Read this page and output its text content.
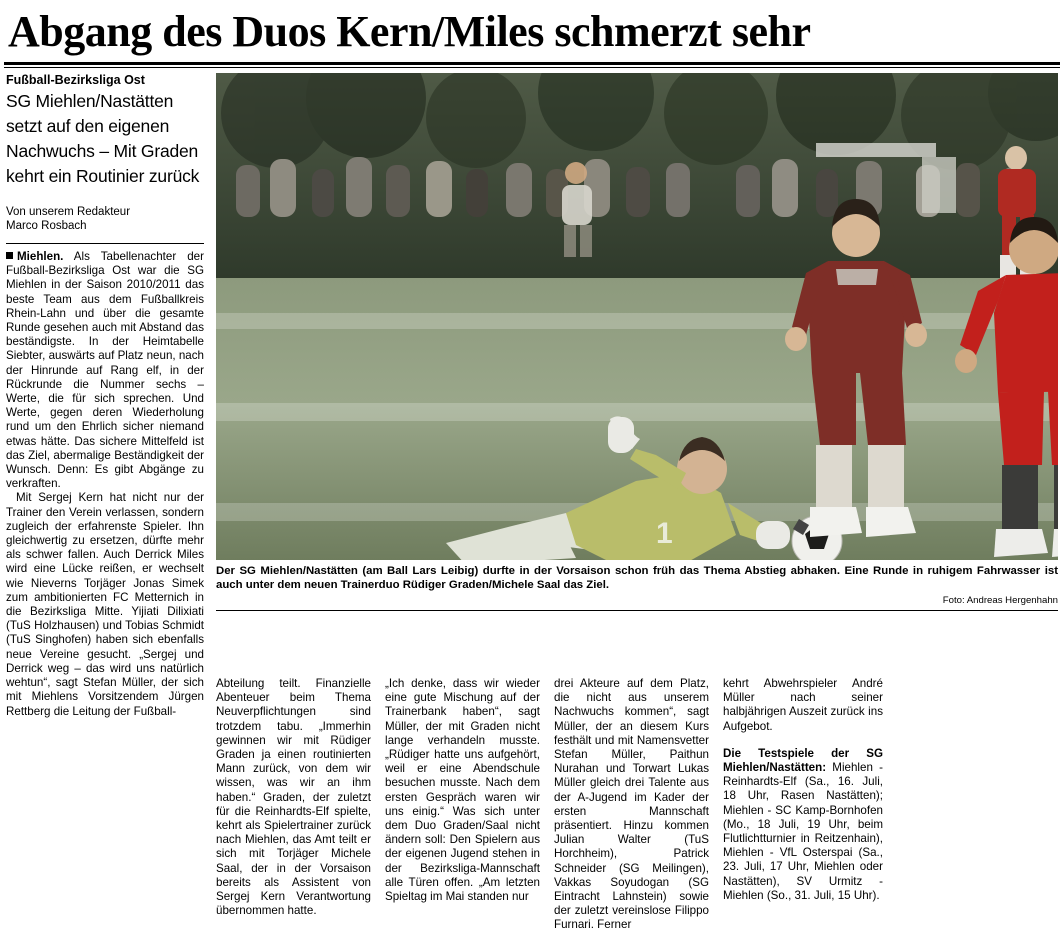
Abgang des Duos Kern/Miles schmerzt sehr
Fußball-Bezirksliga Ost
SG Miehlen/Nastätten setzt auf den eigenen Nachwuchs – Mit Graden kehrt ein Routinier zurück
Von unserem Redakteur
Marco Rosbach

Miehlen. Als Tabellenachter der Fußball-Bezirksliga Ost war die SG Miehlen in der Saison 2010/2011 das beste Team aus dem Fußballkreis Rhein-Lahn und über die gesamte Runde gesehen auch mit Abstand das beständigste. In der Heimtabelle Siebter, auswärts auf Platz neun, nach der Hinrunde auf Rang elf, in der Rückrunde die Nummer sechs – Werte, die für sich sprechen. Und Werte, gegen deren Wiederholung rund um den Ehrlich sicher niemand etwas hätte. Das sichere Mittelfeld ist das Ziel, abermalige Beständigkeit der Wunsch. Denn: Es gibt Abgänge zu verkraften.

Mit Sergej Kern hat nicht nur der Trainer den Verein verlassen, sondern zugleich der erfahrenste Spieler. Ihn gleichwertig zu ersetzen, dürfte mehr als schwer fallen. Auch Derrick Miles wird eine Lücke reißen, er wechselt wie Nieverns Torjäger Jonas Simek zum ambitionierten FC Metternich in die Bezirksliga Mitte. Yijiati Dilixiati (TuS Holzhausen) und Tobias Schmidt (TuS Singhofen) haben sich ebenfalls neue Vereine gesucht. „Sergej und Derrick weg – das wird uns natürlich wehtun“, sagt Stefan Müller, der sich mit Miehlens Vorsitzendem Jürgen Rettberg die Leitung der Fußball-

1
Der SG Miehlen/Nastätten (am Ball Lars Leibig) durfte in der Vorsaison schon früh das Thema Abstieg abhaken. Eine Runde in ruhigem Fahrwasser ist auch unter dem neuen Trainerduo Rüdiger Graden/Michele Saal das Ziel.
Foto: Andreas Hergenhahn

Abteilung teilt. Finanzielle Abenteuer beim Thema Neuverpflichtungen sind trotzdem tabu. „Immerhin gewinnen wir mit Rüdiger Graden ja einen routinierten Mann zurück, von dem wir wissen, was wir an ihm haben.“ Graden, der zuletzt für die Reinhardts-Elf spielte, kehrt als Spielertrainer zurück nach Miehlen, das Amt teilt er sich mit Torjäger Michele Saal, der in der Vorsaison bereits als Assistent von Sergej Kern Verantwortung übernommen hatte.

„Ich denke, dass wir wieder eine gute Mischung auf der Trainerbank haben“, sagt Müller, der mit Graden nicht lange verhandeln musste. „Rüdiger hatte uns aufgehört, weil er eine Abendschule besuchen musste. Nach dem ersten Gespräch waren wir uns einig.“ Was sich unter dem Duo Graden/Saal nicht ändern soll: Den Spielern aus der eigenen Jugend stehen in der Bezirksliga-Mannschaft alle Türen offen. „Am letzten Spieltag im Mai standen nur

drei Akteure auf dem Platz, die nicht aus unserem Nachwuchs kommen“, sagt Müller, der an diesem Kurs festhält und mit Namensvetter Stefan Müller, Paithun Nurahan und Torwart Lukas Müller gleich drei Talente aus der A-Jugend im Kader der ersten Mannschaft präsentiert. Hinzu kommen Julian Walter (TuS Horchheim), Patrick Schneider (SG Meilingen), Vakkas Soyudogan (SG Eintracht Lahnstein) sowie der zuletzt vereinslose Filippo Furnari. Ferner

kehrt Abwehrspieler André Müller nach seiner halbjährigen Auszeit zurück ins Aufgebot.

Die Testspiele der SG Miehlen/Nastätten: Miehlen - Reinhardts-Elf (Sa., 16. Juli, 18 Uhr, Rasen Nastätten); Miehlen - SC Kamp-Bornhofen (Mo., 18 Juli, 19 Uhr, beim Flutlichtturnier in Reitzenhain), Miehlen - VfL Osterspai (Sa., 23. Juli, 17 Uhr, Miehlen oder Nastätten), SV Urmitz - Miehlen (So., 31. Juli, 15 Uhr).
